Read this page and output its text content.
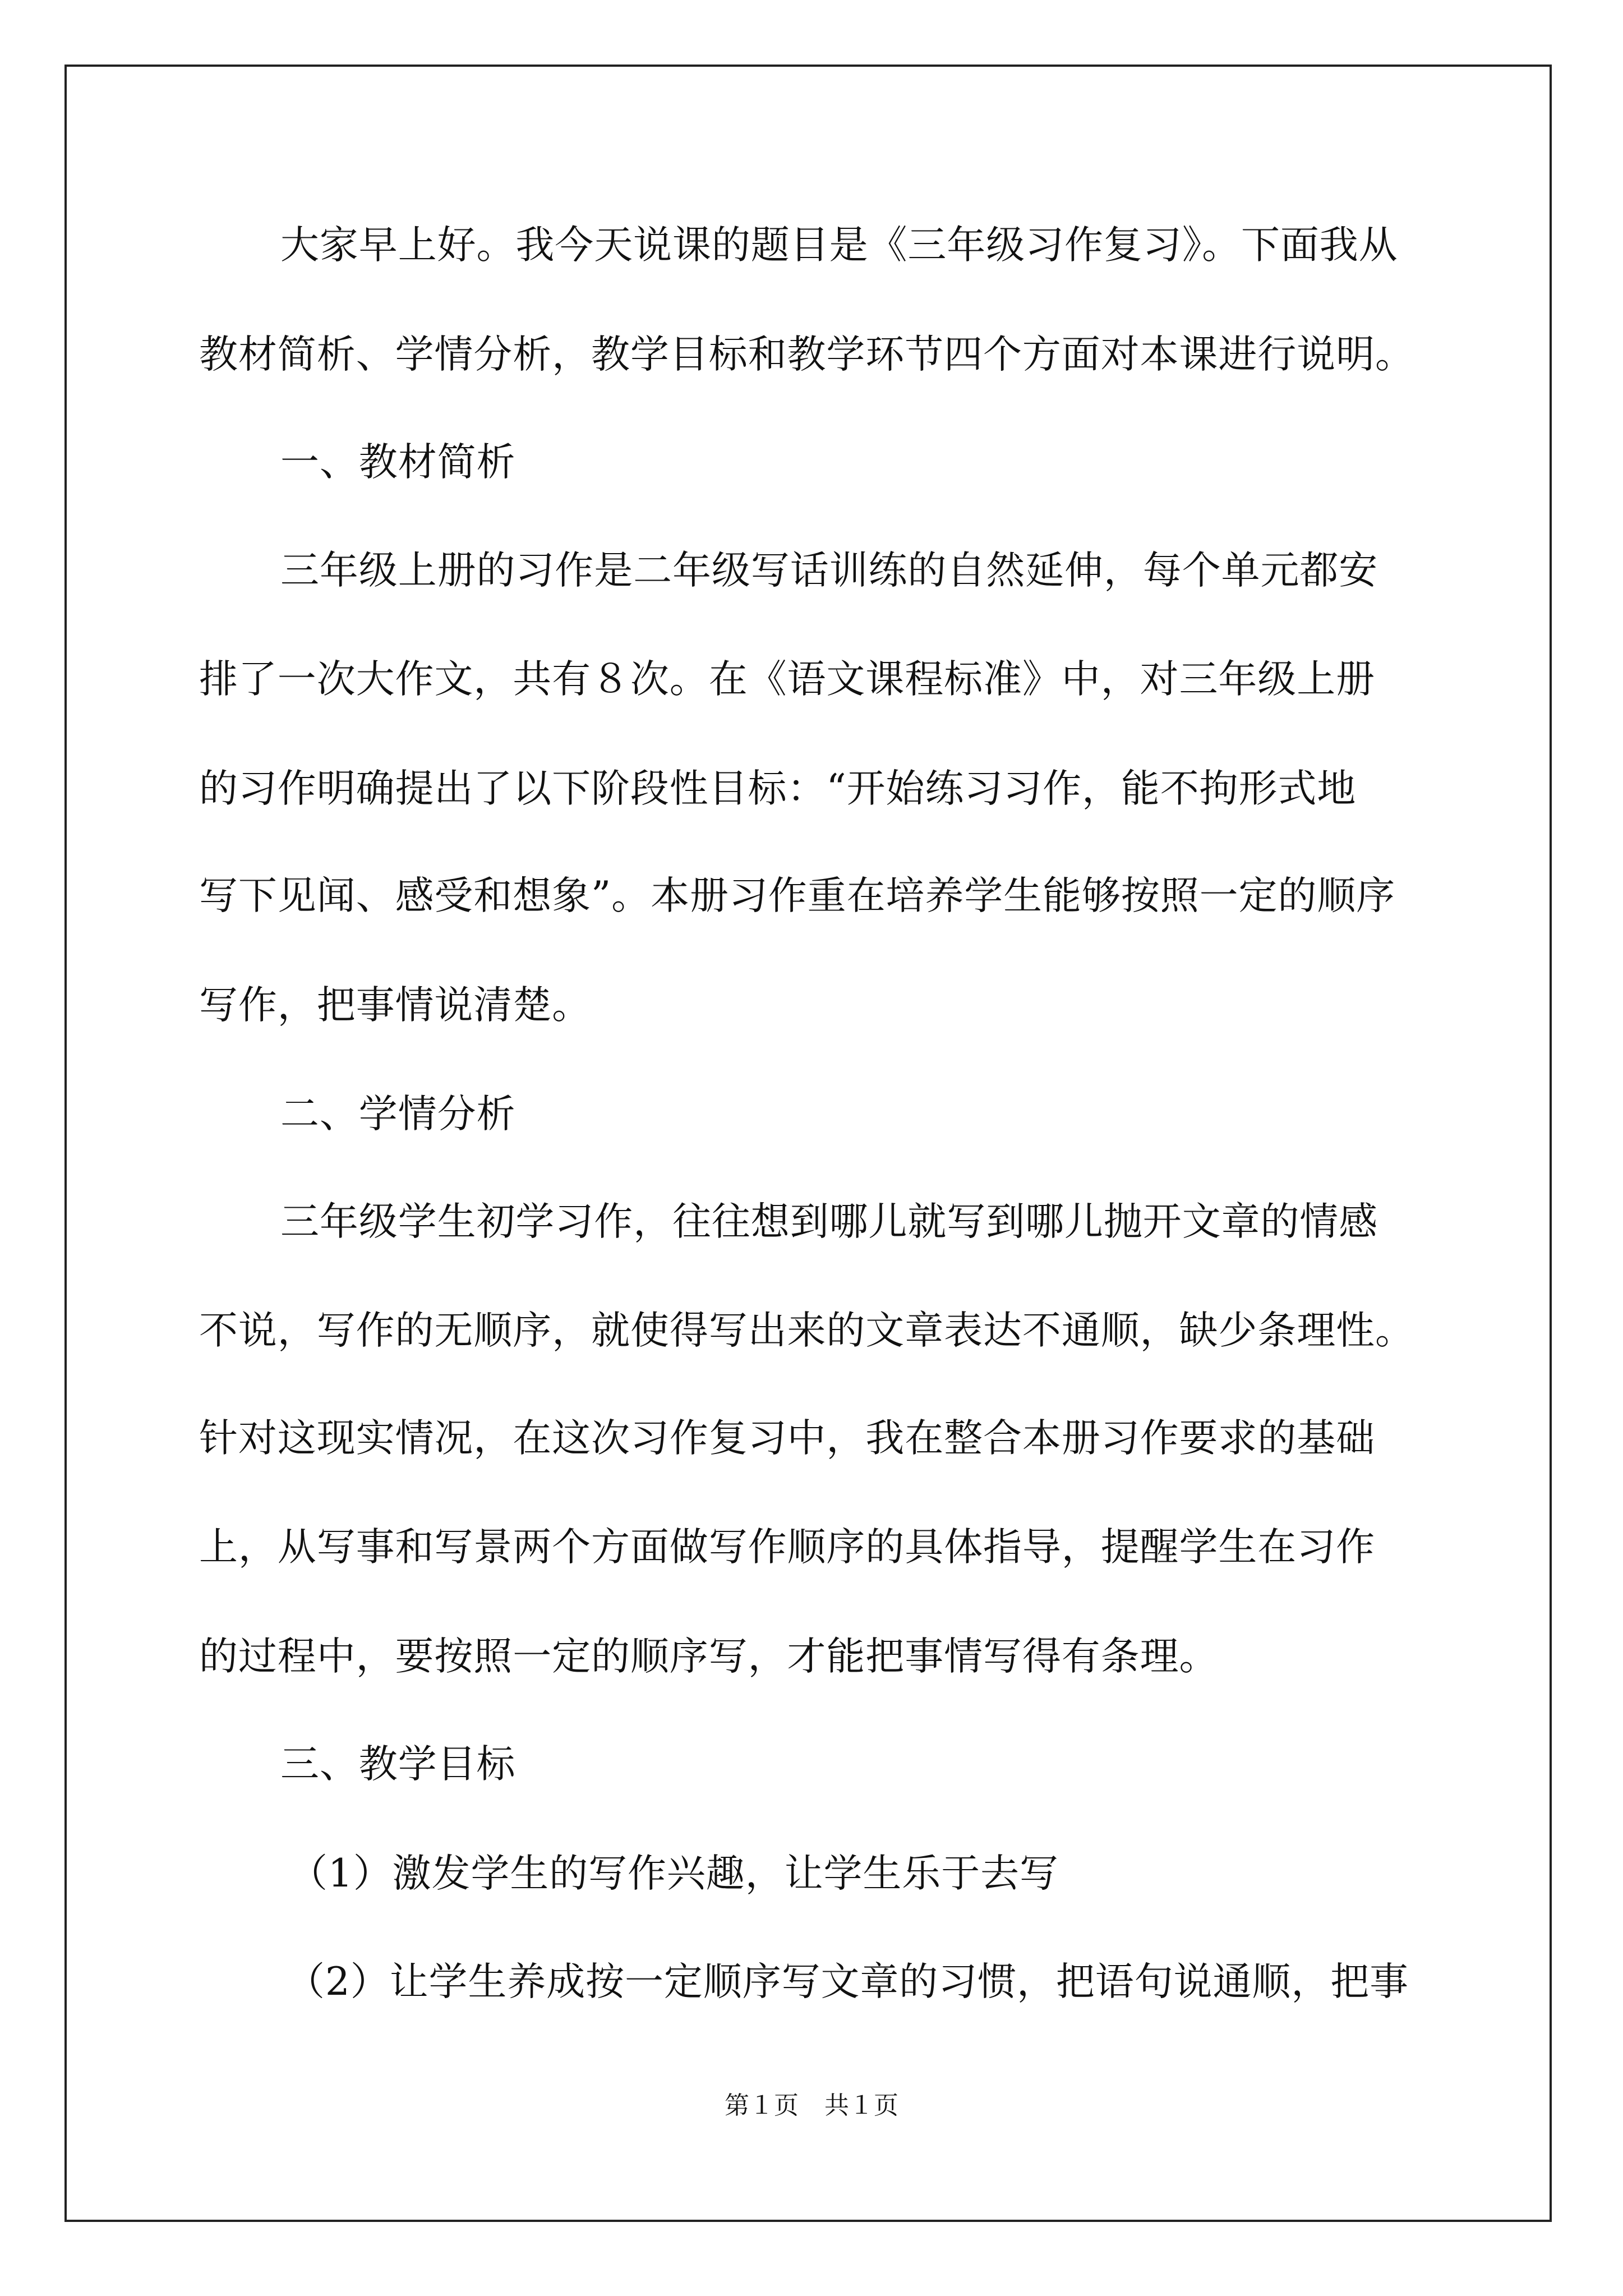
大家早上好。我今天说课的题目是《三年级习作复习》。下面我从

教材简析、学情分析，教学目标和教学环节四个方面对本课进行说明。

一、教材简析

三年级上册的习作是二年级写话训练的自然延伸，每个单元都安

排了一次大作文，共有８次。在《语文课程标准》中，对三年级上册

的习作明确提出了以下阶段性目标：“开始练习习作，能不拘形式地

写下见闻、感受和想象”。本册习作重在培养学生能够按照一定的顺序

写作，把事情说清楚。

二、学情分析

三年级学生初学习作，往往想到哪儿就写到哪儿抛开文章的情感

不说，写作的无顺序，就使得写出来的文章表达不通顺，缺少条理性。

针对这现实情况，在这次习作复习中，我在整合本册习作要求的基础

上，从写事和写景两个方面做写作顺序的具体指导，提醒学生在习作

的过程中，要按照一定的顺序写，才能把事情写得有条理。

三、教学目标

（1）激发学生的写作兴趣，让学生乐于去写

（2）让学生养成按一定顺序写文章的习惯，把语句说通顺，把事

第１页 共１页
